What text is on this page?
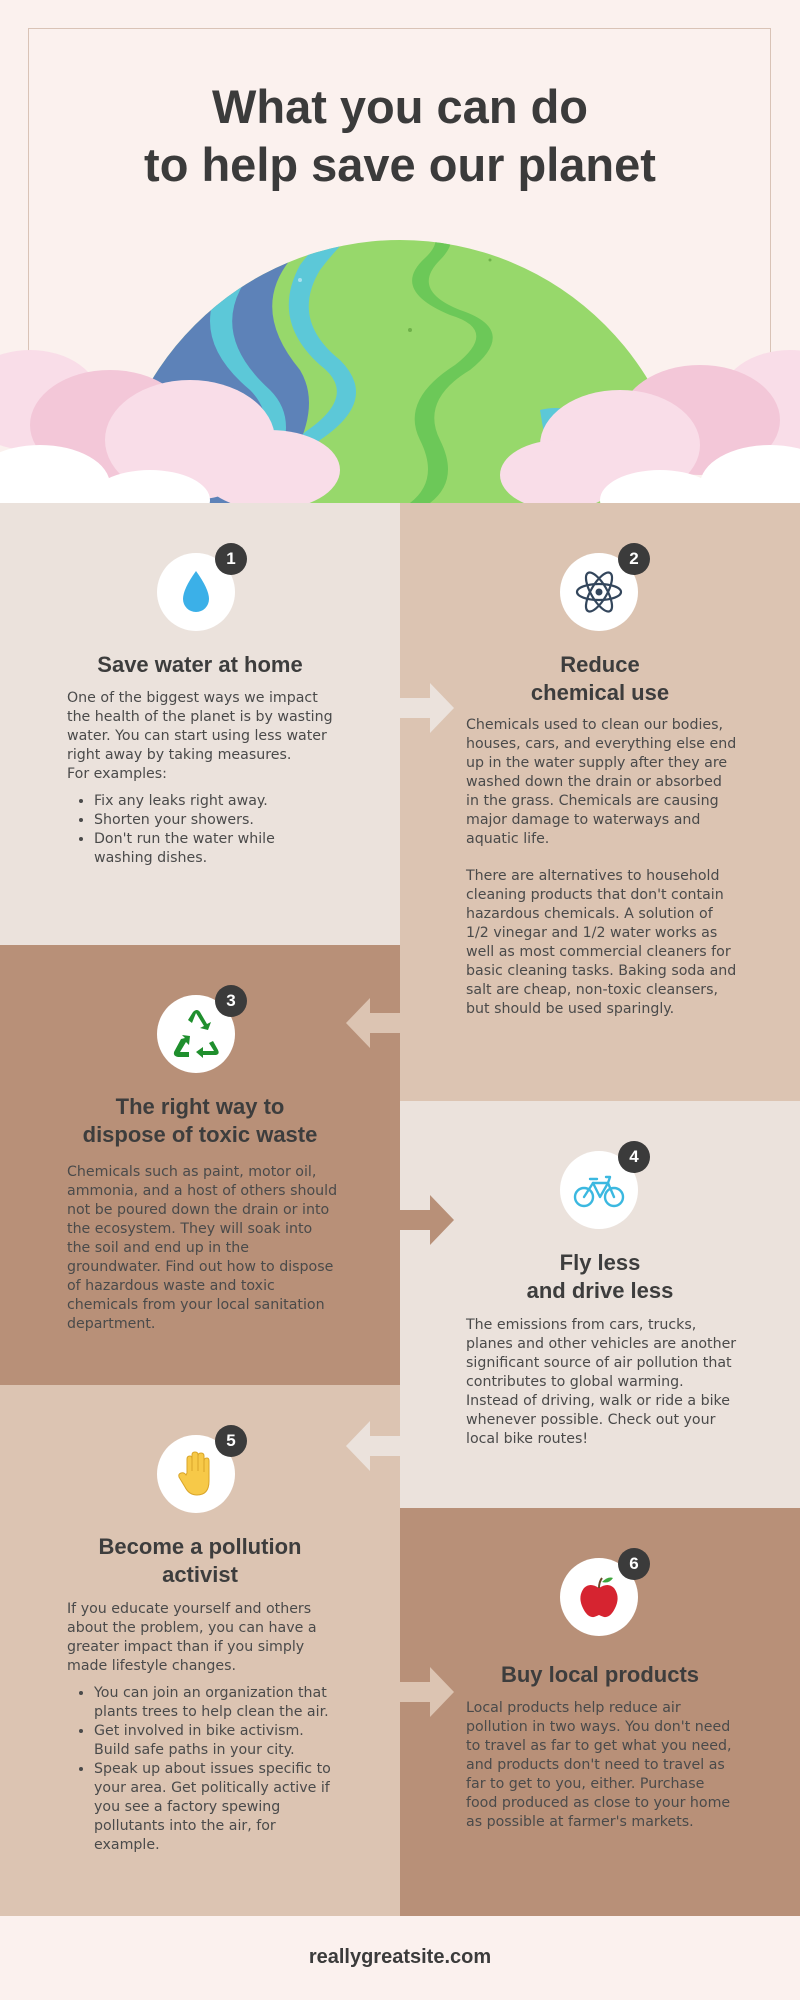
What you can do
to help save our planet
1
Save water at home

One of the biggest ways we impact the health of the planet is by wasting water. You can start using less water right away by taking measures.

For examples:

• Fix any leaks right away.
• Shorten your showers.
• Don't run the water while washing dishes.
2
Reduce
chemical use

Chemicals used to clean our bodies, houses, cars, and everything else end up in the water supply after they are washed down the drain or absorbed in the grass. Chemicals are causing major damage to waterways and aquatic life.

There are alternatives to household cleaning products that don't contain hazardous chemicals. A solution of 1/2 vinegar and 1/2 water works as well as most commercial cleaners for basic cleaning tasks. Baking soda and salt are cheap, non-toxic cleansers, but should be used sparingly.

3
The right way to
dispose of toxic waste

Chemicals such as paint, motor oil, ammonia, and a host of others should not be poured down the drain or into the ecosystem. They will soak into the soil and end up in the groundwater. Find out how to dispose of hazardous waste and toxic chemicals from your local sanitation department.

4
Fly less
and drive less

The emissions from cars, trucks, planes and other vehicles are another significant source of air pollution that contributes to global warming. Instead of driving, walk or ride a bike whenever possible. Check out your local bike routes!

5
Become a pollution
activist

If you educate yourself and others about the problem, you can have a greater impact than if you simply made lifestyle changes.

• You can join an organization that plants trees to help clean the air.
• Get involved in bike activism. Build safe paths in your city.
• Speak up about issues specific to your area. Get politically active if you see a factory spewing pollutants into the air, for example.
6
Buy local products

Local products help reduce air pollution in two ways. You don't need to travel as far to get what you need, and products don't need to travel as far to get to you, either. Purchase food produced as close to your home as possible at farmer's markets.

reallygreatsite.com
